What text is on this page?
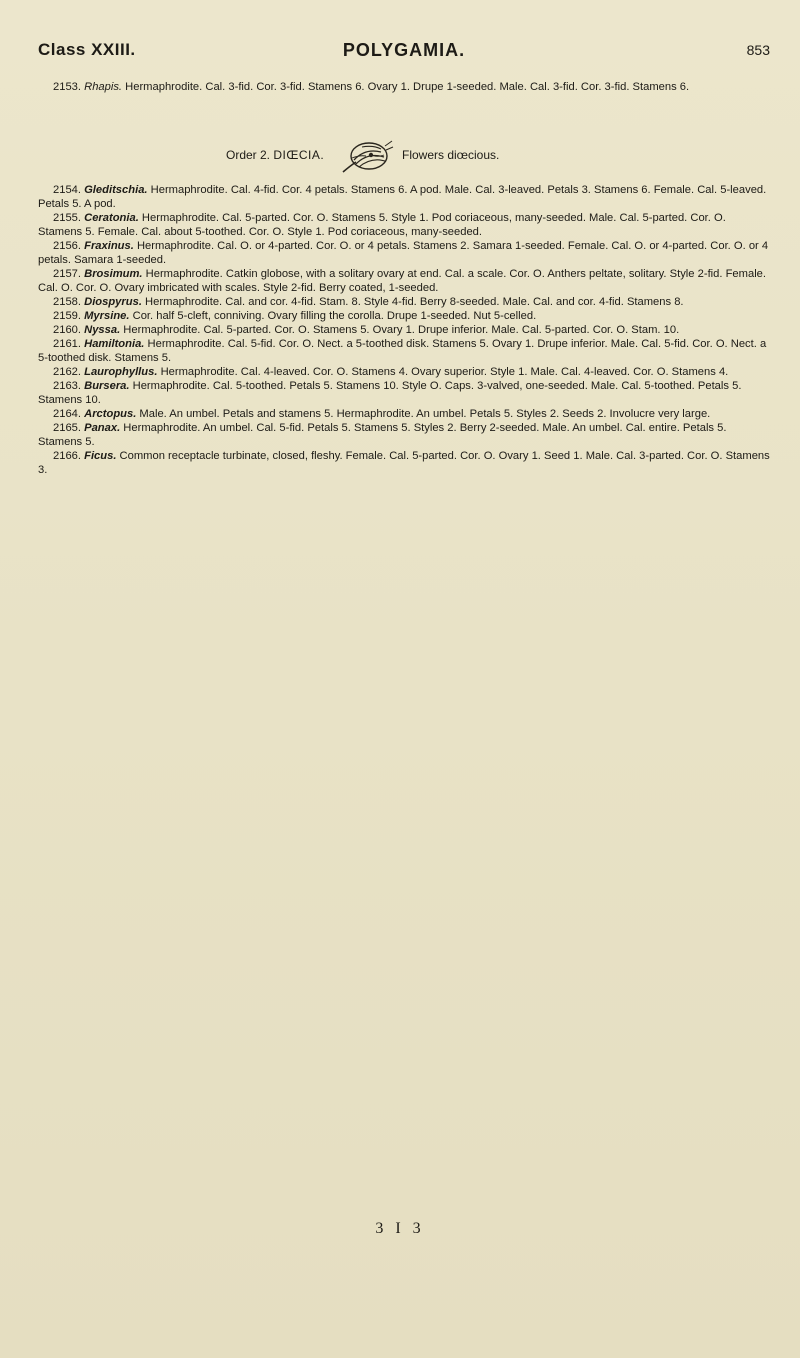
Class XXIII.	POLYGAMIA.	853

2153. Rhapis. Hermaphrodite. Cal. 3-fid. Cor. 3-fid. Stamens 6. Ovary 1. Drupe 1-seeded. Male. Cal. 3-fid. Cor. 3-fid. Stamens 6.

Order 2. DIŒCIA.	Flowers diœcious.

2154. Gleditschia. Hermaphrodite. Cal. 4-fid. Cor. 4 petals. Stamens 6. A pod. Male. Cal. 3-leaved. Petals 3. Stamens 6. Female. Cal. 5-leaved. Petals 5. A pod.

2155. Ceratonia. Hermaphrodite. Cal. 5-parted. Cor. O. Stamens 5. Style 1. Pod coriaceous, many-seeded. Male. Cal. 5-parted. Cor. O. Stamens 5. Female. Cal. about 5-toothed. Cor. O. Style 1. Pod coriaceous, many-seeded.

2156. Fraxinus. Hermaphrodite. Cal. O. or 4-parted. Cor. O. or 4 petals. Stamens 2. Samara 1-seeded. Female. Cal. O. or 4-parted. Cor. O. or 4 petals. Samara 1-seeded.

2157. Brosimum. Hermaphrodite. Catkin globose, with a solitary ovary at end. Cal. a scale. Cor. O. Anthers peltate, solitary. Style 2-fid. Female. Cal. O. Cor. O. Ovary imbricated with scales. Style 2-fid. Berry coated, 1-seeded.

2158. Diospyrus. Hermaphrodite. Cal. and cor. 4-fid. Stam. 8. Style 4-fid. Berry 8-seeded. Male. Cal. and cor. 4-fid. Stamens 8.

2159. Myrsine. Cor. half 5-cleft, conniving. Ovary filling the corolla. Drupe 1-seeded. Nut 5-celled.

2160. Nyssa. Hermaphrodite. Cal. 5-parted. Cor. O. Stamens 5. Ovary 1. Drupe inferior. Male. Cal. 5-parted. Cor. O. Stam. 10.

2161. Hamiltonia. Hermaphrodite. Cal. 5-fid. Cor. O. Nect. a 5-toothed disk. Stamens 5. Ovary 1. Drupe inferior. Male. Cal. 5-fid. Cor. O. Nect. a 5-toothed disk. Stamens 5.

2162. Laurophyllus. Hermaphrodite. Cal. 4-leaved. Cor. O. Stamens 4. Ovary superior. Style 1. Male. Cal. 4-leaved. Cor. O. Stamens 4.

2163. Bursera. Hermaphrodite. Cal. 5-toothed. Petals 5. Stamens 10. Style O. Caps. 3-valved, one-seeded. Male. Cal. 5-toothed. Petals 5. Stamens 10.

2164. Arctopus. Male. An umbel. Petals and stamens 5. Hermaphrodite. An umbel. Petals 5. Styles 2. Seeds 2. Involucre very large.

2165. Panax. Hermaphrodite. An umbel. Cal. 5-fid. Petals 5. Stamens 5. Styles 2. Berry 2-seeded. Male. An umbel. Cal. entire. Petals 5. Stamens 5.

2166. Ficus. Common receptacle turbinate, closed, fleshy. Female. Cal. 5-parted. Cor. O. Ovary 1. Seed 1. Male. Cal. 3-parted. Cor. O. Stamens 3.

3 I 3
